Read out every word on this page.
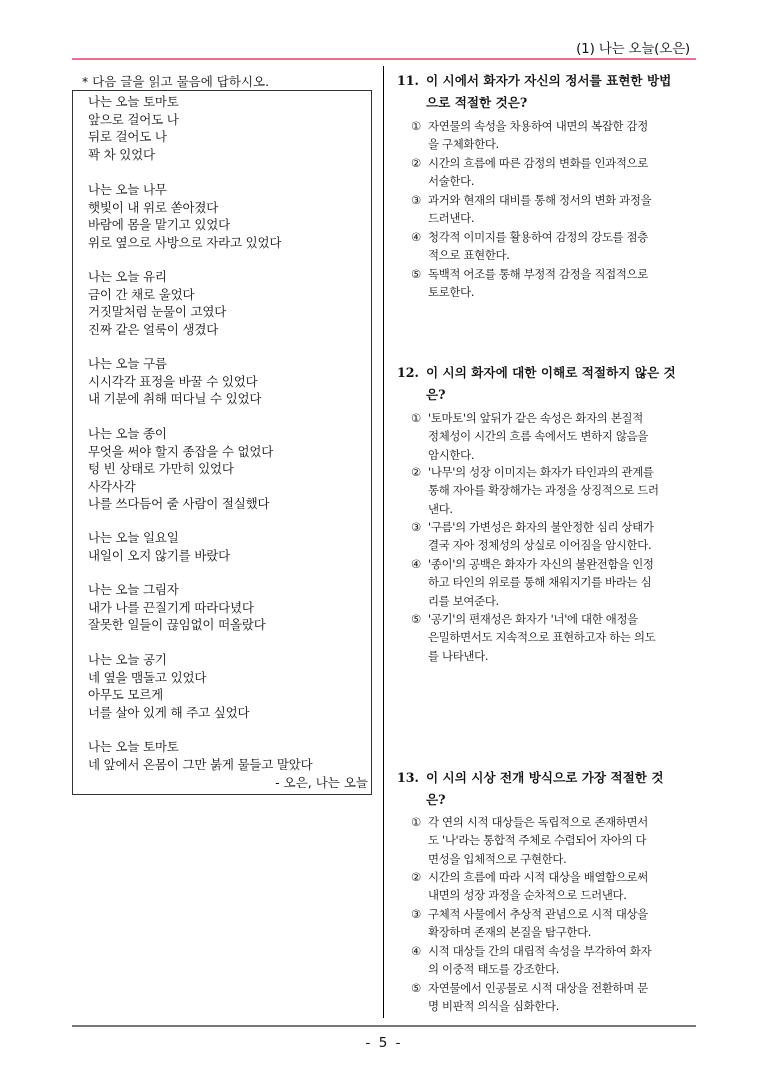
(1) 나는 오늘(오은)
* 다음 글을 읽고 물음에 답하시오.
나는 오늘 토마토
앞으로 걸어도 나
뒤로 걸어도 나
꽉 차 있었다
나는 오늘 나무
햇빛이 내 위로 쏟아졌다
바람에 몸을 맡기고 있었다
위로 옆으로 사방으로 자라고 있었다
나는 오늘 유리
금이 간 채로 울었다
거짓말처럼 눈물이 고였다
진짜 같은 얼룩이 생겼다
나는 오늘 구름
시시각각 표정을 바꿀 수 있었다
내 기분에 취해 떠다닐 수 있었다
나는 오늘 종이
무엇을 써야 할지 종잡을 수 없었다
텅 빈 상태로 가만히 있었다
사각사각
나를 쓰다듬어 줄 사람이 절실했다
나는 오늘 일요일
내일이 오지 않기를 바랐다
나는 오늘 그림자
내가 나를 끈질기게 따라다녔다
잘못한 일들이 끊임없이 떠올랐다
나는 오늘 공기
네 옆을 맴돌고 있었다
아무도 모르게
너를 살아 있게 해 주고 싶었다
나는 오늘 토마토
네 앞에서 온몸이 그만 붉게 물들고 말았다
- 오은, 나는 오늘
11. 이 시에서 화자가 자신의 정서를 표현한 방법
으로 적절한 것은?
① 자연물의 속성을 차용하여 내면의 복잡한 감정
을 구체화한다.
② 시간의 흐름에 따른 감정의 변화를 인과적으로
서술한다.
③ 과거와 현재의 대비를 통해 정서의 변화 과정을
드러낸다.
④ 청각적 이미지를 활용하여 감정의 강도를 점층
적으로 표현한다.
⑤ 독백적 어조를 통해 부정적 감정을 직접적으로
토로한다.
12. 이 시의 화자에 대한 이해로 적절하지 않은 것
은?
① '토마토'의 앞뒤가 같은 속성은 화자의 본질적
정체성이 시간의 흐름 속에서도 변하지 않음을
암시한다.
② '나무'의 성장 이미지는 화자가 타인과의 관계를
통해 자아를 확장해가는 과정을 상징적으로 드러
낸다.
③ '구름'의 가변성은 화자의 불안정한 심리 상태가
결국 자아 정체성의 상실로 이어짐을 암시한다.
④ '종이'의 공백은 화자가 자신의 불완전함을 인정
하고 타인의 위로를 통해 채워지기를 바라는 심
리를 보여준다.
⑤ '공기'의 편재성은 화자가 '너'에 대한 애정을
은밀하면서도 지속적으로 표현하고자 하는 의도
를 나타낸다.
13. 이 시의 시상 전개 방식으로 가장 적절한 것
은?
① 각 연의 시적 대상들은 독립적으로 존재하면서
도 '나'라는 통합적 주체로 수렴되어 자아의 다
면성을 입체적으로 구현한다.
② 시간의 흐름에 따라 시적 대상을 배열함으로써
내면의 성장 과정을 순차적으로 드러낸다.
③ 구체적 사물에서 추상적 관념으로 시적 대상을
확장하며 존재의 본질을 탐구한다.
④ 시적 대상들 간의 대립적 속성을 부각하여 화자
의 이중적 태도를 강조한다.
⑤ 자연물에서 인공물로 시적 대상을 전환하며 문
명 비판적 의식을 심화한다.
- 5 -
